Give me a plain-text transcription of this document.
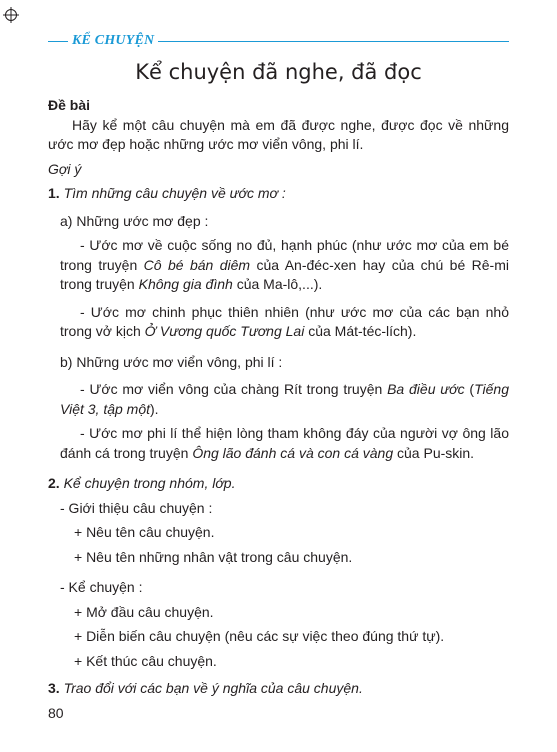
KỂ CHUYỆN
Kể chuyện đã nghe, đã đọc

Đề bài

Hãy kể một câu chuyện mà em đã được nghe, được đọc về những ước mơ đẹp hoặc những ước mơ viển vông, phi lí.

Gợi ý

1. Tìm những câu chuyện về ước mơ :

a) Những ước mơ đẹp :

- Ước mơ về cuộc sống no đủ, hạnh phúc (như ước mơ của em bé trong truyện Cô bé bán diêm của An-đéc-xen hay của chú bé Rê-mi trong truyện Không gia đình của Ma-lô,...).

- Ước mơ chinh phục thiên nhiên (như ước mơ của các bạn nhỏ trong vở kịch Ở Vương quốc Tương Lai của Mát-téc-lích).

b) Những ước mơ viển vông, phi lí :

- Ước mơ viển vông của chàng Rít trong truyện Ba điều ước (Tiếng Việt 3, tập một).

- Ước mơ phi lí thể hiện lòng tham không đáy của người vợ ông lão đánh cá trong truyện Ông lão đánh cá và con cá vàng của Pu-skin.

2. Kể chuyện trong nhóm, lớp.

- Giới thiệu câu chuyện :

+ Nêu tên câu chuyện.

+ Nêu tên những nhân vật trong câu chuyện.

- Kể chuyện :

+ Mở đầu câu chuyện.

+ Diễn biến câu chuyện (nêu các sự việc theo đúng thứ tự).

+ Kết thúc câu chuyện.

3. Trao đổi với các bạn về ý nghĩa của câu chuyện.

80
